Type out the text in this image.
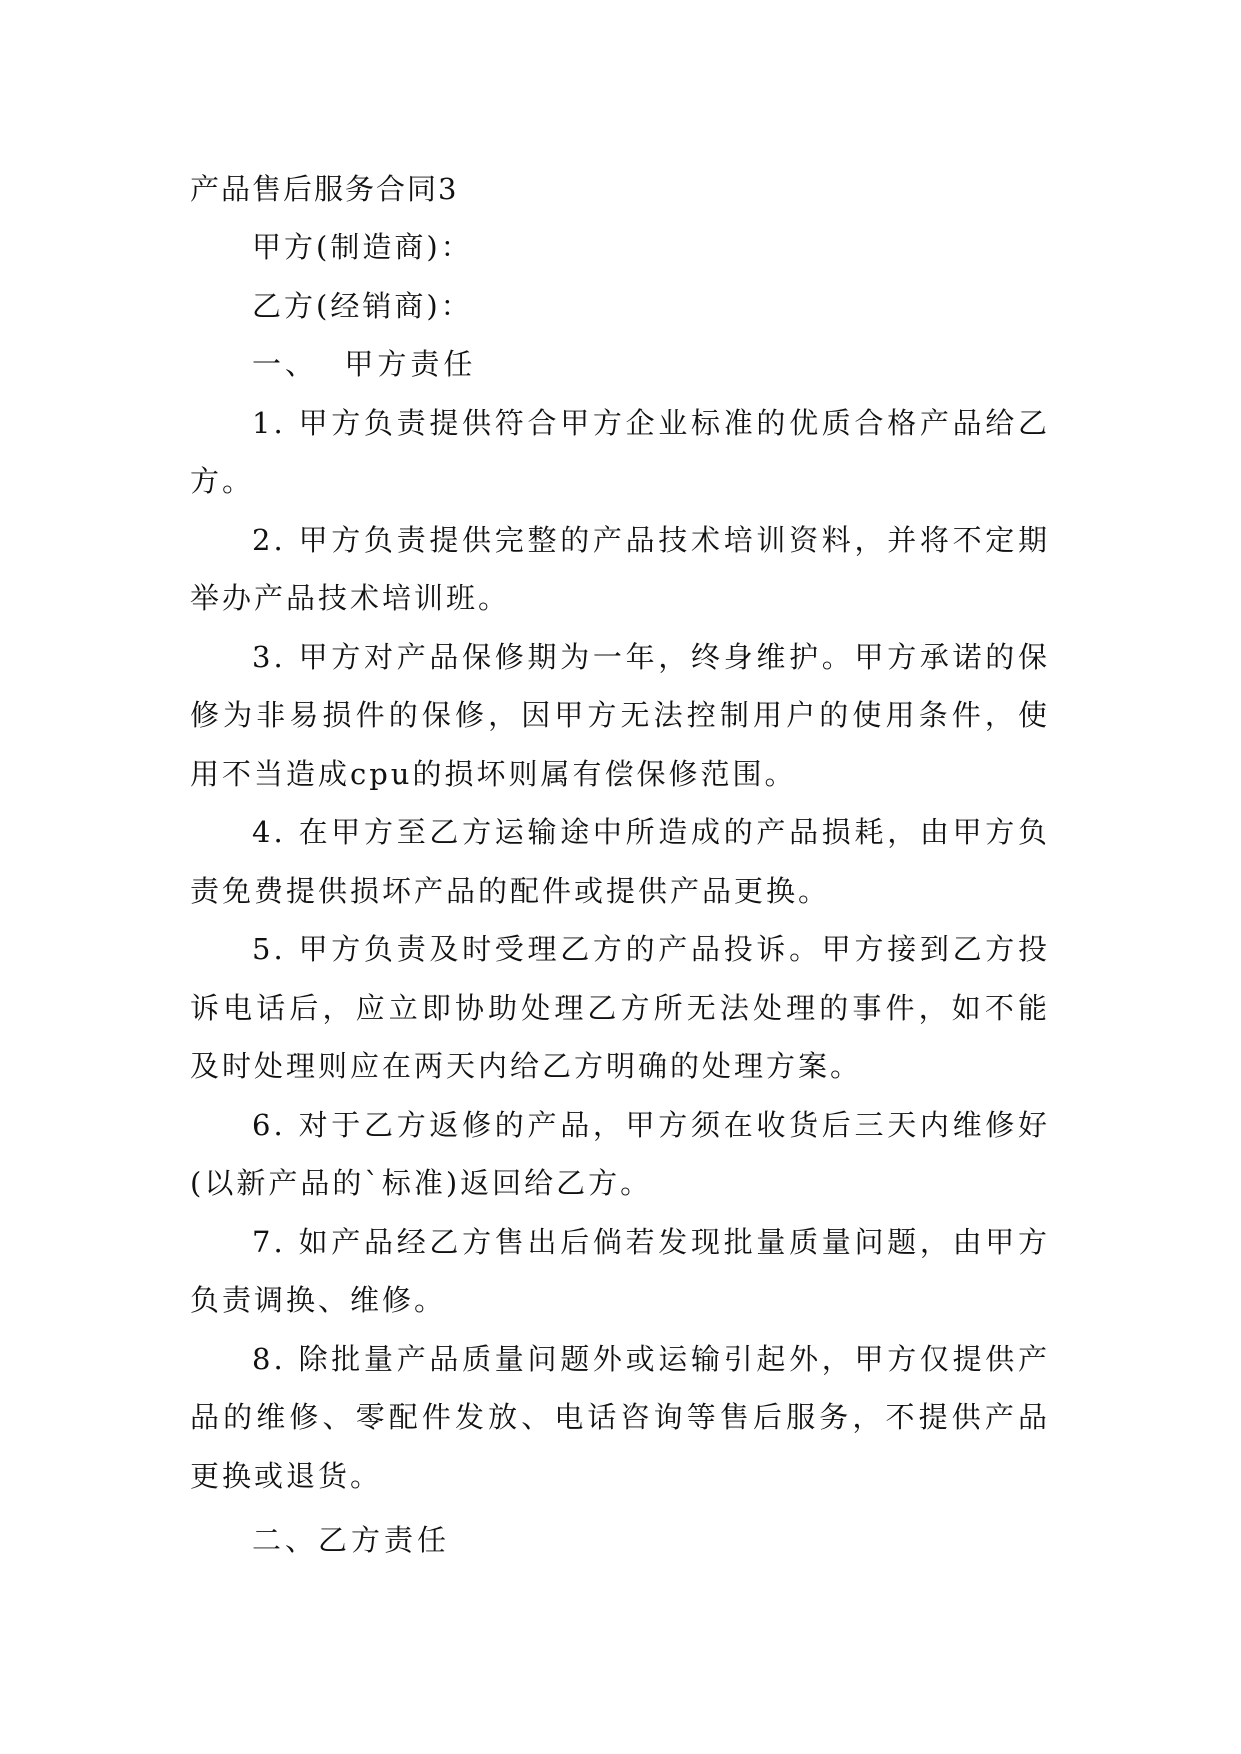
产品售后服务合同3

甲方(制造商)：

乙方(经销商)：

一、  甲方责任

1. 甲方负责提供符合甲方企业标准的优质合格产品给乙方。

2. 甲方负责提供完整的产品技术培训资料，并将不定期举办产品技术培训班。

3. 甲方对产品保修期为一年，终身维护。甲方承诺的保修为非易损件的保修，因甲方无法控制用户的使用条件，使用不当造成cpu的损坏则属有偿保修范围。

4. 在甲方至乙方运输途中所造成的产品损耗，由甲方负责免费提供损坏产品的配件或提供产品更换。

5. 甲方负责及时受理乙方的产品投诉。甲方接到乙方投诉电话后，应立即协助处理乙方所无法处理的事件，如不能及时处理则应在两天内给乙方明确的处理方案。

6. 对于乙方返修的产品，甲方须在收货后三天内维修好(以新产品的`标准)返回给乙方。

7. 如产品经乙方售出后倘若发现批量质量问题，由甲方负责调换、维修。

8. 除批量产品质量问题外或运输引起外，甲方仅提供产品的维修、零配件发放、电话咨询等售后服务，不提供产品更换或退货。

二、乙方责任
